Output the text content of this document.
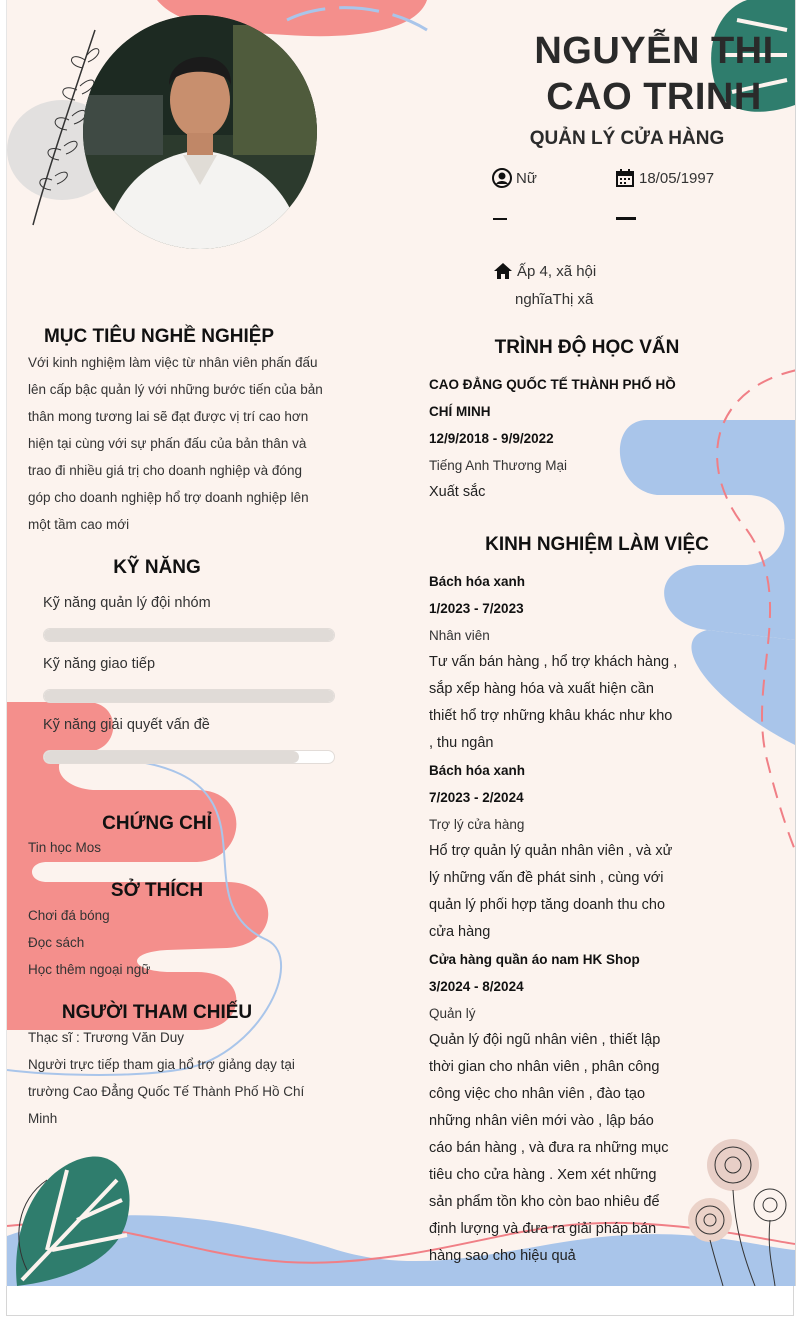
NGUYỄN THI
CAO TRINH
QUẢN LÝ CỬA HÀNG
Nữ	18/05/1997
Ấp 4, xã hội
nghĩaThị xã
MỤC TIÊU NGHỀ NGHIỆP
Với kinh nghiệm làm việc từ nhân viên phấn đấu
lên cấp bậc quản lý với những bước tiến của bản
thân mong tương lai sẽ đạt được vị trí cao hơn
hiện tại cùng với sự phấn đấu của bản thân và
trao đi nhiều giá trị cho doanh nghiệp và đóng
góp cho doanh nghiệp hổ trợ doanh nghiệp lên
một tầm cao mới
KỸ NĂNG
Kỹ năng quản lý đội nhóm
Kỹ năng giao tiếp
Kỹ năng giải quyết vấn đề
CHỨNG CHỈ
Tin học Mos
SỞ THÍCH
Chơi đá bóng
Đọc sách
Học thêm ngoại ngữ
NGƯỜI THAM CHIẾU
Thạc sĩ : Trương Văn Duy
Người trực tiếp tham gia hổ trợ giảng dạy tại
trường Cao Đẳng Quốc Tế Thành Phố Hồ Chí
Minh
TRÌNH ĐỘ HỌC VẤN
CAO ĐẲNG QUỐC TẾ THÀNH PHỐ HỒ
CHÍ MINH
12/9/2018 - 9/9/2022
Tiếng Anh Thương Mại
Xuất sắc
KINH NGHIỆM LÀM VIỆC
Bách hóa xanh
1/2023 - 7/2023
Nhân viên
Tư vấn bán hàng , hổ trợ khách hàng ,
sắp xếp hàng hóa và xuất hiện cần
thiết hổ trợ những khâu khác như kho
, thu ngân
Bách hóa xanh
7/2023 - 2/2024
Trợ lý cửa hàng
Hổ trợ quản lý quản nhân viên , và xử
lý những vấn đề phát sinh , cùng với
quản lý phối hợp tăng doanh thu cho
cửa hàng
Cửa hàng quần áo nam HK Shop
3/2024 - 8/2024
Quản lý
Quản lý đội ngũ nhân viên , thiết lập
thời gian cho nhân viên , phân công
công việc cho nhân viên , đào tạo
những nhân viên mới vào , lập báo
cáo bán hàng , và đưa ra những mục
tiêu cho cửa hàng . Xem xét những
sản phẩm tồn kho còn bao nhiêu để
định lượng và đưa ra giải pháp bán
hàng sao cho hiệu quả
